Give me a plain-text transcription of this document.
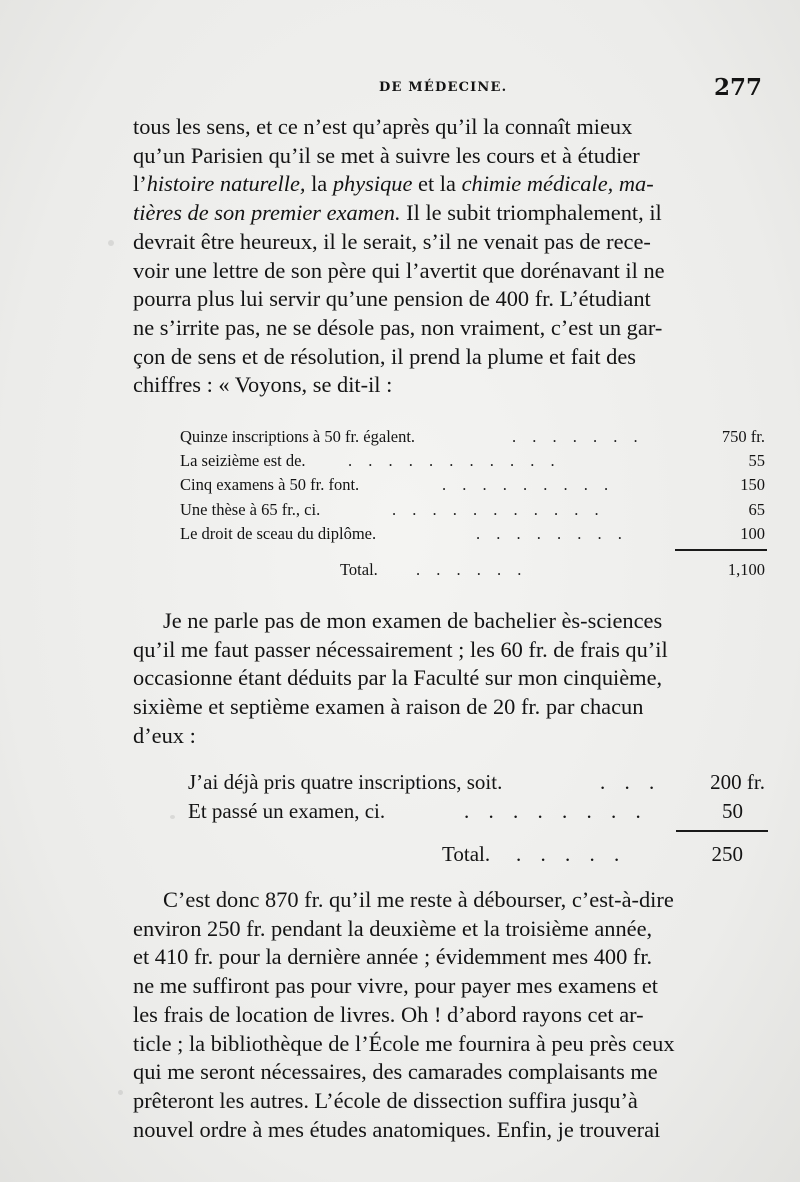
DE MÉDECINE.	277
tous les sens, et ce n’est qu’après qu’il la connaît mieux
qu’un Parisien qu’il se met à suivre les cours et à étudier
l’histoire naturelle, la physique et la chimie médicale, ma-
tières de son premier examen. Il le subit triomphalement, il
devrait être heureux, il le serait, s’il ne venait pas de rece-
voir une lettre de son père qui l’avertit que dorénavant il ne
pourra plus lui servir qu’une pension de 400 fr. L’étudiant
ne s’irrite pas, ne se désole pas, non vraiment, c’est un gar-
çon de sens et de résolution, il prend la plume et fait des
chiffres : « Voyons, se dit-il :
Quinze inscriptions à 50 fr. égalent.	. . . . . . .	750 fr.
La seizième est de.	. . . . . . . . . . .	55
Cinq examens à 50 fr. font.	. . . . . . . . .	150
Une thèse à 65 fr., ci.	. . . . . . . . . . .	65
Le droit de sceau du diplôme.	. . . . . . . .	100
Total. . . . . . .	1,100
Je ne parle pas de mon examen de bachelier ès-sciences
qu’il me faut passer nécessairement ; les 60 fr. de frais qu’il
occasionne étant déduits par la Faculté sur mon cinquième,
sixième et septième examen à raison de 20 fr. par chacun
d’eux :
J’ai déjà pris quatre inscriptions, soit.	. . . 200 fr.
Et passé un examen, ci.	. . . . . . . .	50
Total. . . . . .	250
C’est donc 870 fr. qu’il me reste à débourser, c’est-à-dire
environ 250 fr. pendant la deuxième et la troisième année,
et 410 fr. pour la dernière année ; évidemment mes 400 fr.
ne me suffiront pas pour vivre, pour payer mes examens et
les frais de location de livres. Oh ! d’abord rayons cet ar-
ticle ; la bibliothèque de l’École me fournira à peu près ceux
qui me seront nécessaires, des camarades complaisants me
prêteront les autres. L’école de dissection suffira jusqu’à
nouvel ordre à mes études anatomiques. Enfin, je trouverai
